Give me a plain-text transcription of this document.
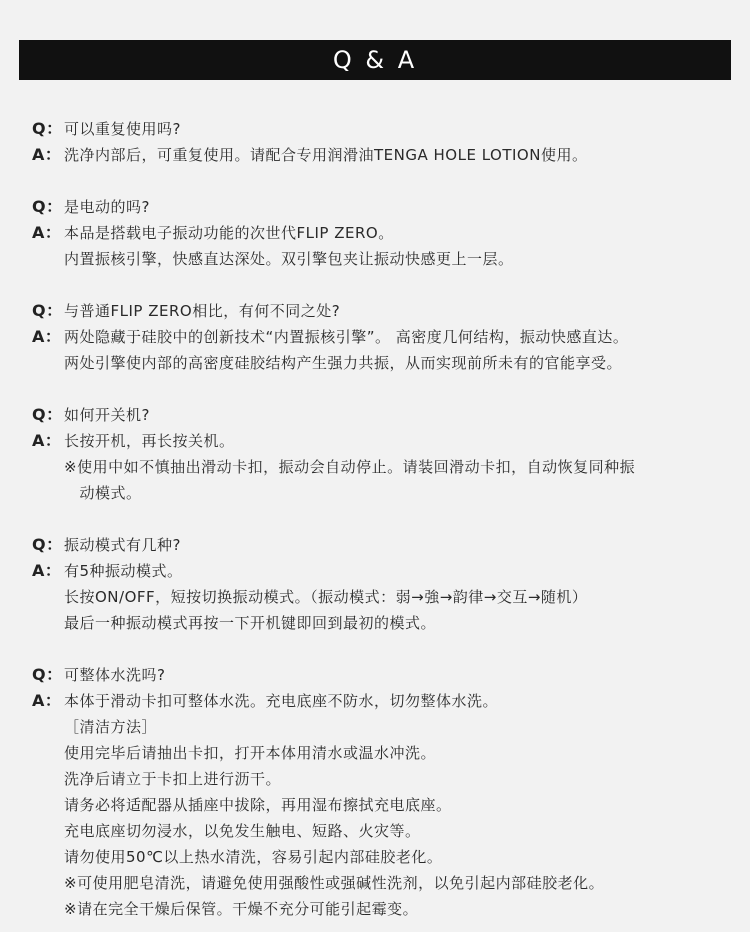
Q & A
Q： 可以重复使用吗?
A： 洗净内部后，可重复使用。请配合专用润滑油TENGA HOLE LOTION使用。
Q： 是电动的吗?
A： 本品是搭载电子振动功能的次世代FLIP ZERO。
内置振核引擎，快感直达深处。双引擎包夹让振动快感更上一层。
Q： 与普通FLIP ZERO相比，有何不同之处?
A： 两处隐藏于硅胶中的创新技术“内置振核引擎”。 高密度几何结构，振动快感直达。
两处引擎使内部的高密度硅胶结构产生强力共振，从而实现前所未有的官能享受。
Q： 如何开关机?
A： 长按开机，再长按关机。
※使用中如不慎抽出滑动卡扣，振动会自动停止。请装回滑动卡扣，自动恢复同种振
　动模式。
Q： 振动模式有几种?
A： 有5种振动模式。
长按ON/OFF，短按切换振动模式。（振动模式：弱→強→韵律→交互→随机）
最后一种振动模式再按一下开机键即回到最初的模式。
Q： 可整体水洗吗?
A： 本体于滑动卡扣可整体水洗。充电底座不防水，切勿整体水洗。
［清洁方法］
使用完毕后请抽出卡扣，打开本体用清水或温水冲洗。
洗净后请立于卡扣上进行沥干。
请务必将适配器从插座中拔除，再用湿布擦拭充电底座。
充电底座切勿浸水，以免发生触电、短路、火灾等。
请勿使用50℃以上热水清洗，容易引起内部硅胶老化。
※可使用肥皂清洗，请避免使用强酸性或强碱性洗剂，以免引起内部硅胶老化。
※请在完全干燥后保管。干燥不充分可能引起霉变。
